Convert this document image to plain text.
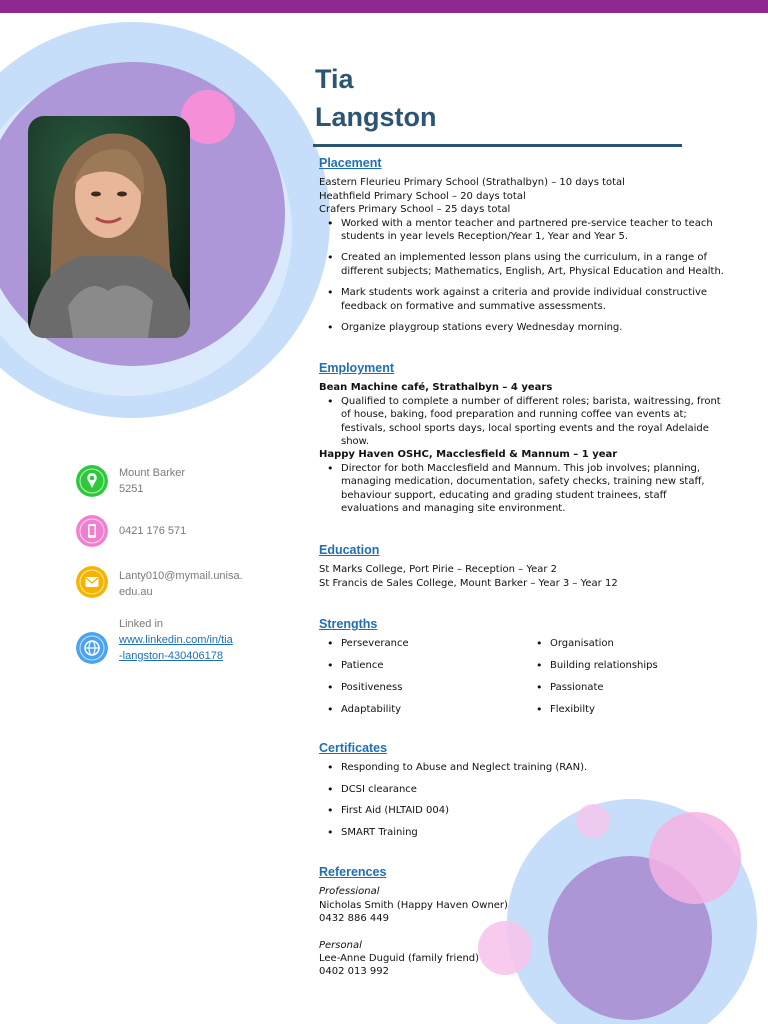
Mount Barker
5251
0421 176 571
Lanty010@mymail.unisa.
edu.au
Linked in
www.linkedin.com/in/tia
-langston-430406178
Tia
Langston
Placement
Eastern Fleurieu Primary School (Strathalbyn) – 10 days total
Heathfield Primary School – 20 days total
Crafers Primary School – 25 days total
• Worked with a mentor teacher and partnered pre-service teacher to teach
students in year levels Reception/Year 1, Year and Year 5.
• Created an implemented lesson plans using the curriculum, in a range of
different subjects; Mathematics, English, Art, Physical Education and Health.
• Mark students work against a criteria and provide individual constructive
feedback on formative and summative assessments.
• Organize playgroup stations every Wednesday morning.
Employment
Bean Machine café, Strathalbyn – 4 years
• Qualified to complete a number of different roles; barista, waitressing, front
of house, baking, food preparation and running coffee van events at;
festivals, school sports days, local sporting events and the royal Adelaide
show.
Happy Haven OSHC, Macclesfield & Mannum – 1 year
• Director for both Macclesfield and Mannum. This job involves; planning,
managing medication, documentation, safety checks, training new staff,
behaviour support, educating and grading student trainees, staff
evaluations and managing site environment.
Education
St Marks College, Port Pirie – Reception – Year 2
St Francis de Sales College, Mount Barker – Year 3 – Year 12
Strengths
• Perseverance
• Patience
• Positiveness
• Adaptability
• Organisation
• Building relationships
• Passionate
• Flexibilty
Certificates
• Responding to Abuse and Neglect training (RAN).
• DCSI clearance
• First Aid (HLTAID 004)
• SMART Training
References
Professional
Nicholas Smith (Happy Haven Owner)
0432 886 449
Personal
Lee-Anne Duguid (family friend)
0402 013 992
